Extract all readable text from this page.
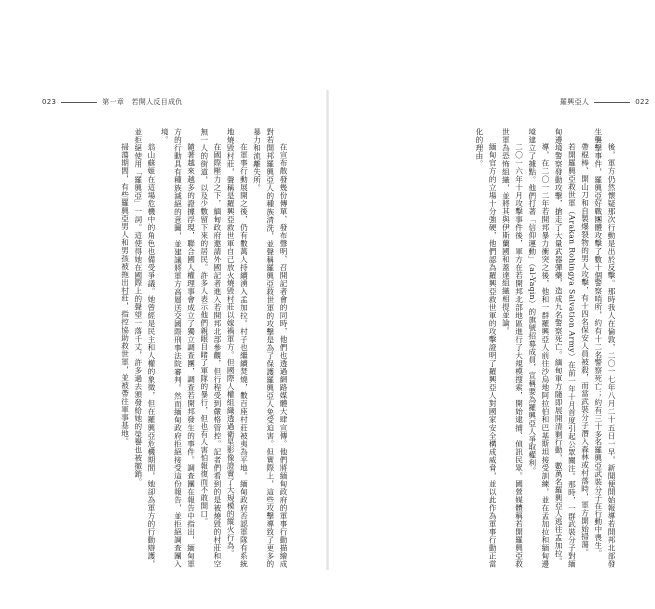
023	第一章　若開人反目成仇

在宣布散發幾份傳單、發布聲明、召開記者會的同時，他們也透過網路媒體大肆宣傳。他們將緬甸政府的軍事行動描繪成對若開邦羅興亞人的種族清洗，並聲稱羅興亞救世軍的攻擊是為了保護羅興亞人免受迫害。但實際上，這些攻擊導致了更多的暴力和流離失所。

在軍事行動展開之後，仍有數萬人持續湧入孟加拉。村子也繼續焚燒，數百座村莊被夷為平地。緬甸政府否認軍隊有系統地燒毀村莊，聲稱是羅興亞救世軍自己放火燒毀村莊以嫁禍軍方。但國際人權組織透過衛星影像證實了大規模的縱火行為。

在國際壓力之下，緬甸政府邀請外國記者進入若開邦北部參觀，但行程受到嚴格管控。記者們看到的是被燒毀的村莊和空無一人的街道，以及少數留下來的居民。許多人表示他們親眼目睹了軍隊的暴行，但也有人害怕報復而不敢開口。

隨著越來越多的證據浮現，聯合國人權理事會成立了獨立調查團，調查若開邦發生的事件。調查團在報告中指出，緬甸軍方的行動具有種族滅絕的意圖，並建議將軍方高層送交國際刑事法院審判。然而緬甸政府拒絕接受這份報告，並拒絕調查團入境。

翁山蘇姬在這場危機中的角色也備受爭議。她曾經是民主和人權的象徵，但在羅興亞危機期間，她卻為軍方的行動辯護，並拒絕使用「羅興亞」一詞。這使得她在國際上的聲望一落千丈，許多過去頒發給她的榮譽也被撤銷。

掃蕩期間，有些羅興亞男人和男孩被拖出村莊，指控協助救世軍，並被帶往軍事基地。

羅興亞人	022

後，軍方仍然懷疑那次行動是出於反擊。那時我人在倫敦，二〇一七年八月二十五日一早，新聞便開始報導若開邦北部發生襲擊事件，羅興亞好戰團體攻擊了數十個警察哨所，約有十二名警察死亡；約有三十多名羅興亞武裝分子在行動中喪生。

帶棍棒、開山刀和自製爆裂物的男人攻擊，有十四名保安人員被殺，而當武裝分子潛入森林或村落時，軍方開始掃蕩。

若開羅興亞救世軍（Arakan Rohingya Salvation Army）在前一年十月首度引起公眾關注。那時，一群武裝分子對緬甸邊境警察發動攻擊，搶走了大量武器彈藥，造成九名警察死亡。緬甸軍方隨即展開清剿行動，數萬名羅興亞人逃往孟加拉。

導，在二〇一二年若開邦暴力衝突之後，他和一群羅興亞人前往沙烏地阿拉伯和巴基斯坦接受訓練，並在孟加拉和緬甸邊境建立了據點。他們打著「信仰運動」（al-Yaqin）的旗號招募成員，宣稱要為羅興亞人爭取權利。

二〇一六年十月攻擊事件後，軍方在若開邦北部地區進行了大規模搜索，開始逮捕、偵訊民眾。國營媒體稱若開羅興亞救世軍為恐怖組織，並將其與伊斯蘭國和蓋達組織相提並論。

緬甸官方的立場十分強硬，他們認為羅興亞救世軍的攻擊證明了羅興亞人對國家安全構成威脅，並以此作為軍事行動正當化的理由。
